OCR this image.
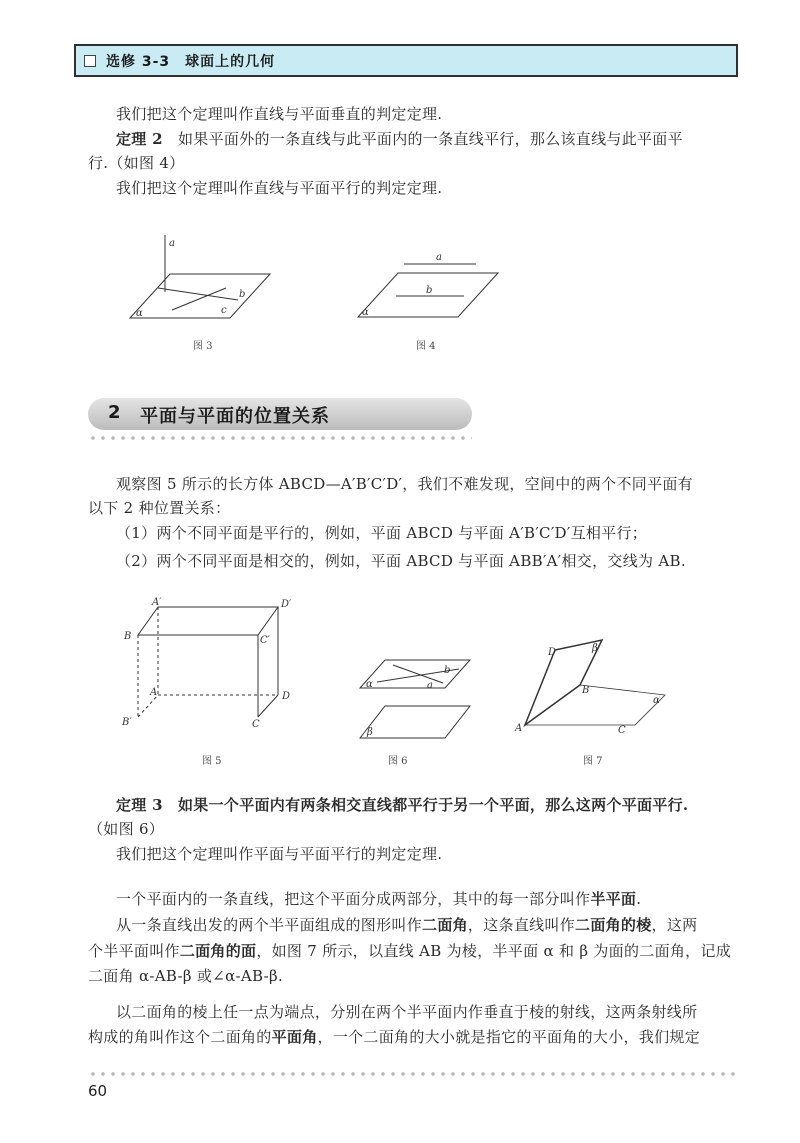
选修 3-3　球面上的几何
我们把这个定理叫作直线与平面垂直的判定定理.
定理 2 如果平面外的一条直线与此平面内的一条直线平行，那么该直线与此平面平
行.（如图 4）
我们把这个定理叫作直线与平面平行的判定定理.
a
b
c
α
图 3
a
b
α
图 4
2 平面与平面的位置关系
观察图 5 所示的长方体 ABCD—A′B′C′D′，我们不难发现，空间中的两个不同平面有
以下 2 种位置关系：
（1）两个不同平面是平行的，例如，平面 ABCD 与平面 A′B′C′D′互相平行；
（2）两个不同平面是相交的，例如，平面 ABCD 与平面 ABB′A′相交，交线为 AB.
A′	D′
B	C′
A	D
B′	C
图 5
a
b
α
β
图 6
D	β
B
α
A	C
图 7
定理 3 如果一个平面内有两条相交直线都平行于另一个平面，那么这两个平面平行.
（如图 6）
我们把这个定理叫作平面与平面平行的判定定理.
一个平面内的一条直线，把这个平面分成两部分，其中的每一部分叫作半平面.
从一条直线出发的两个半平面组成的图形叫作二面角，这条直线叫作二面角的棱，这两
个半平面叫作二面角的面，如图 7 所示，以直线 AB 为棱，半平面 α 和 β 为面的二面角，记成
二面角 α-AB-β 或∠α-AB-β.
以二面角的棱上任一点为端点，分别在两个半平面内作垂直于棱的射线，这两条射线所
构成的角叫作这个二面角的平面角，一个二面角的大小就是指它的平面角的大小，我们规定
60
